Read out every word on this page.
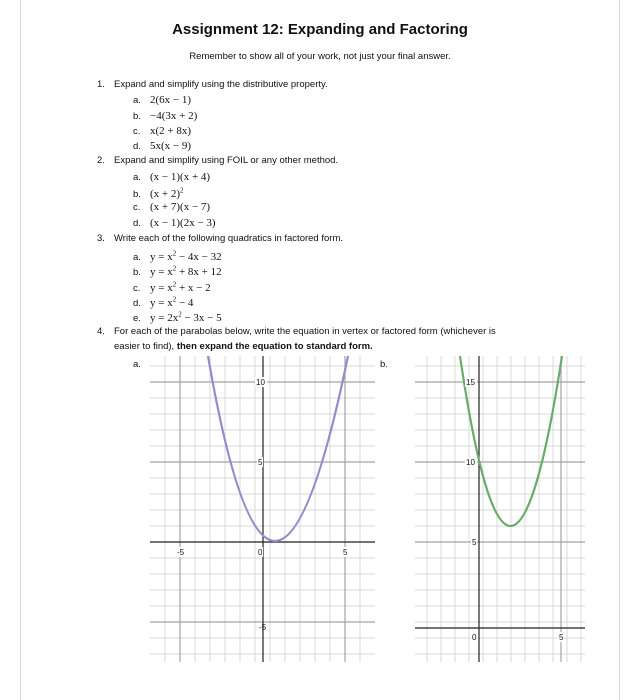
Assignment 12: Expanding and Factoring
Remember to show all of your work, not just your final answer.
1. Expand and simplify using the distributive property.
a. 2(6x − 1)
b. −4(3x + 2)
c. x(2 + 8x)
d. 5x(x − 9)
2. Expand and simplify using FOIL or any other method.
a. (x − 1)(x + 4)
b. $(x + 2)^2$
c. (x + 7)(x − 7)
d. (x − 1)(2x − 3)
3. Write each of the following quadratics in factored form.
a. $y = x^2 - 4x - 32$
b. $y = x^2 + 8x + 12$
c. $y = x^2 + x - 2$
d. $y = x^2 - 4$
e. $y = 2x^2 - 3x - 5$
4. For each of the parabolas below, write the equation in vertex or factored form (whichever is
easier to find), then expand the equation to standard form.
a.	b.
10
5
-5	0	5
-5
15
10
5
0	5
